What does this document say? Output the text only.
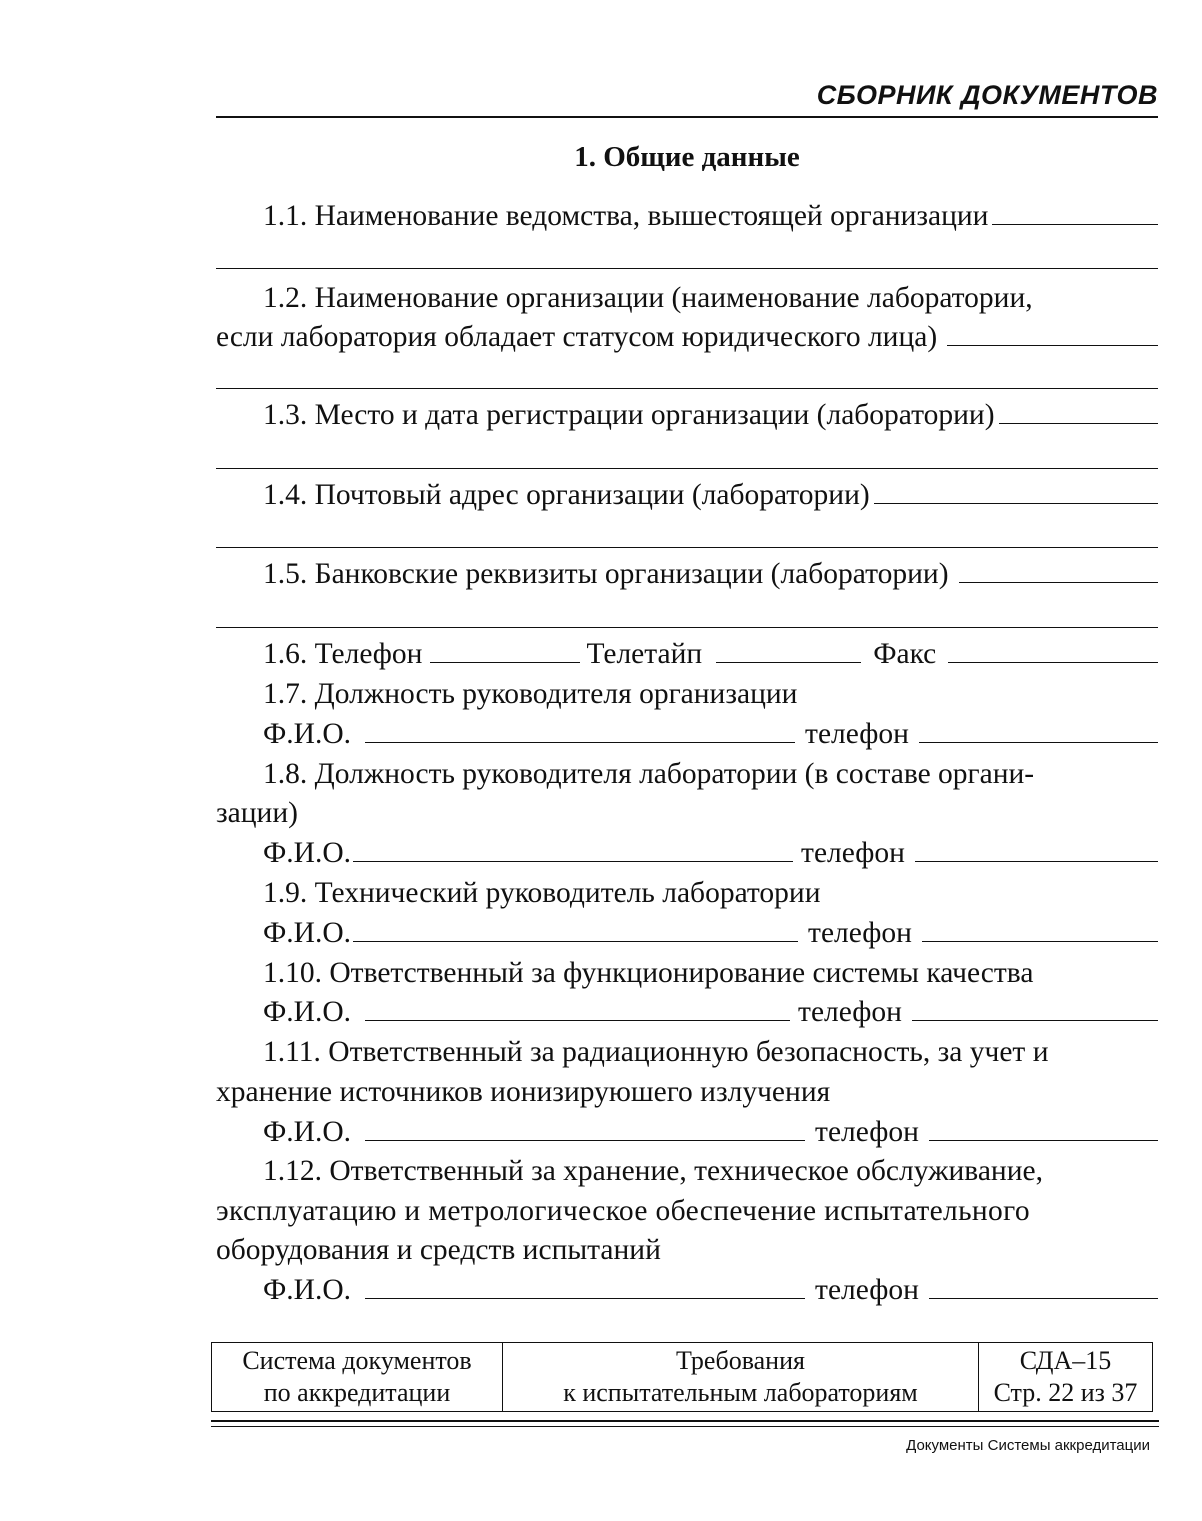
СБОРНИК ДОКУМЕНТОВ
1. Общие данные
1.1. Наименование ведомства, вышестоящей организации
1.2. Наименование организации (наименование лаборатории,
если лаборатория обладает статусом юридического лица)
1.3. Место и дата регистрации организации (лаборатории)
1.4. Почтовый адрес организации (лаборатории)
1.5. Банковские реквизиты организации (лаборатории)
1.6. Телефон	Телетайп	Факс
1.7. Должность руководителя организации
Ф.И.О.	телефон
1.8. Должность руководителя лаборатории (в составе органи-
зации)
Ф.И.О.	телефон
1.9. Технический руководитель лаборатории
Ф.И.О.	телефон
1.10. Ответственный за функционирование системы качества
Ф.И.О.	телефон
1.11. Ответственный за радиационную безопасность, за учет и
хранение источников ионизируюшего излучения
Ф.И.О.	телефон
1.12. Ответственный за хранение, техническое обслуживание,
эксплуатацию и метрологическое обеспечение испытательного
оборудования и средств испытаний
Ф.И.О.	телефон
Система документов
по аккредитации

Требования
к испытательным лабораториям

СДА–15
Стр. 22 из 37
Документы Системы аккредитации
